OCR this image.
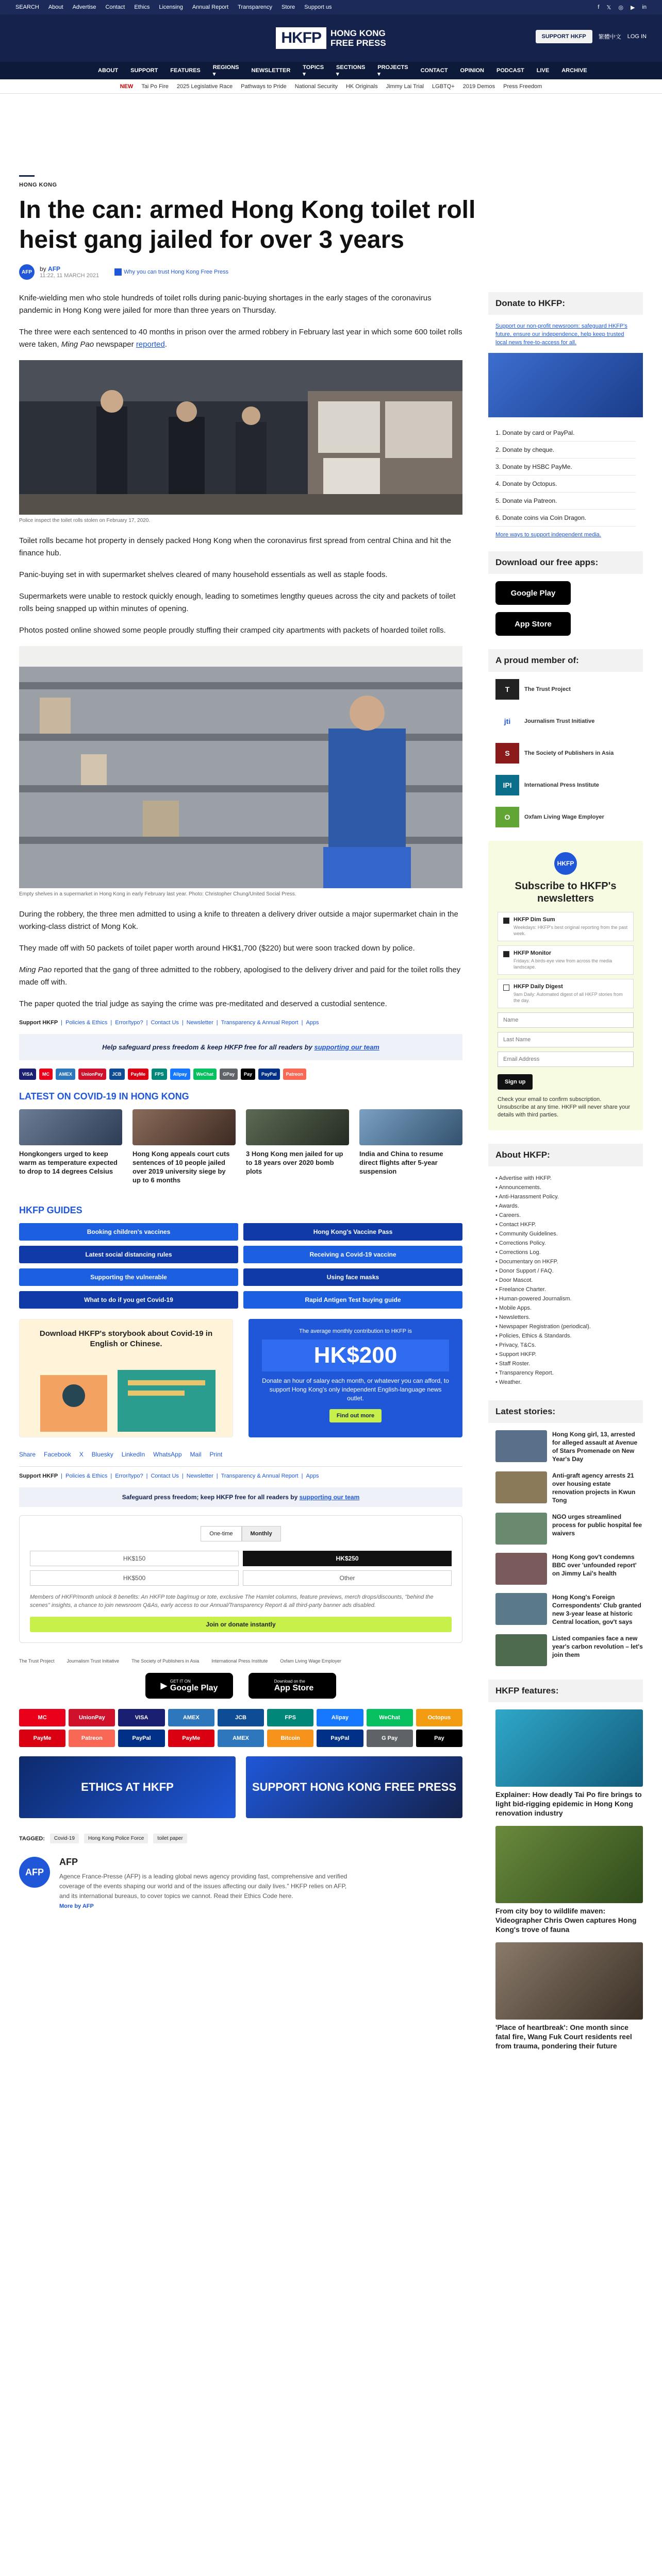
SEARCH About Advertise Contact Ethics Licensing Annual Report Transparency Store Support us	f 𝕏 ◎ ▶ in
HKFP	HONG KONG
FREE PRESS
SUPPORT HKFP	繁體中文 LOG IN
ABOUT SUPPORT FEATURES
REGIONS ▾
NEWSLETTER
TOPICS ▾
SECTIONS ▾
PROJECTS ▾
CONTACT OPINION PODCAST LIVE ARCHIVE
NEW Tai Po Fire 2025 Legislative Race Pathways to Pride National Security HK Originals Jimmy Lai Trial LGBTQ+ 2019 Demos Press Freedom
HONG KONG
In the can: armed Hong Kong toilet roll heist gang jailed for over 3 years
AFP	by AFP
11:22, 11 MARCH 2021
Why you can trust Hong Kong Free Press

Knife-wielding men who stole hundreds of toilet rolls during panic-buying shortages in the early stages of the coronavirus pandemic in Hong Kong were jailed for more than three years on Thursday.

The three were each sentenced to 40 months in prison over the armed robbery in February last year in which some 600 toilet rolls were taken, Ming Pao newspaper reported.

Police inspect the toilet rolls stolen on February 17, 2020.

Toilet rolls became hot property in densely packed Hong Kong when the coronavirus first spread from central China and hit the finance hub.

Panic-buying set in with supermarket shelves cleared of many household essentials as well as staple foods.

Supermarkets were unable to restock quickly enough, leading to sometimes lengthy queues across the city and packets of toilet rolls being snapped up within minutes of opening.

Photos posted online showed some people proudly stuffing their cramped city apartments with packets of hoarded toilet rolls.

Empty shelves in a supermarket in Hong Kong in early February last year. Photo: Christopher Chung/United Social Press.

During the robbery, the three men admitted to using a knife to threaten a delivery driver outside a major supermarket chain in the working-class district of Mong Kok.

They made off with 50 packets of toilet paper worth around HK$1,700 ($220) but were soon tracked down by police.

Ming Pao reported that the gang of three admitted to the robbery, apologised to the delivery driver and paid for the toilet rolls they made off with.

The paper quoted the trial judge as saying the crime was pre-meditated and deserved a custodial sentence.

Support HKFP | Policies & Ethics | Error/typo? | Contact Us | Newsletter | Transparency & Annual Report | Apps
Help safeguard press freedom & keep HKFP free for all readers by supporting our team
VISA	MC	AMEX	UnionPay	JCB	PayMe	FPS	Alipay	WeChat	GPay	Pay	PayPal	Patreon
LATEST ON COVID-19 IN HONG KONG
Hongkongers urged to keep warm as temperature expected to drop to 14 degrees Celsius
Hong Kong appeals court cuts sentences of 10 people jailed over 2019 university siege by up to 6 months
3 Hong Kong men jailed for up to 18 years over 2020 bomb plots
India and China to resume direct flights after 5-year suspension
HKFP GUIDES
Booking children's vaccines	Hong Kong's Vaccine Pass
Latest social distancing rules	Receiving a Covid-19 vaccine
Supporting the vulnerable	Using face masks
What to do if you get Covid-19	Rapid Antigen Test buying guide
Download HKFP's storybook about Covid-19 in English or Chinese.
The average monthly contribution to HKFP is
HK$200
Donate an hour of salary each month, or whatever you can afford, to support Hong Kong's only independent English-language news outlet.
Find out more
Share Facebook X Bluesky LinkedIn WhatsApp Mail Print
Support HKFP | Policies & Ethics | Error/typo? | Contact Us | Newsletter | Transparency & Annual Report | Apps
Safeguard press freedom; keep HKFP free for all readers by supporting our team
One-time	Monthly
HK$150	HK$250
HK$500	Other
Members of HKFP/month unlock 8 benefits: An HKFP tote bag/mug or tote, exclusive The Hamlet columns, feature previews, merch drops/discounts, "behind the scenes" insights, a chance to join newsroom Q&As, early access to our Annual/Transparency Report & all third-party banner ads disabled.
Join or donate instantly
The Trust Project	Journalism Trust Initiative	The Society of Publishers in Asia	International Press Institute	Oxfam Living Wage Employer
▶
GET IT ON
Google Play
Download on the
App Store
MC	UnionPay	VISA	AMEX	JCB	FPS	Alipay	WeChat	Octopus
PayMe	Patreon	PayPal	PayMe	AMEX	Bitcoin	PayPal	G Pay	Pay
ETHICS AT HKFP	SUPPORT HONG KONG FREE PRESS
TAGGED:	Covid-19	Hong Kong Police Force	toilet paper
AFP
AFP
Agence France-Presse (AFP) is a leading global news agency providing fast, comprehensive and verified coverage of the events shaping our world and of the issues affecting our daily lives." HKFP relies on AFP, and its international bureaus, to cover topics we cannot. Read their Ethics Code here.
More by AFP
Donate to HKFP:
Support our non-profit newsroom: safeguard HKFP's future, ensure our independence, help keep trusted local news free-to-access for all.
1. Donate by card or PayPal.
2. Donate by cheque.
3. Donate by HSBC PayMe.
4. Donate by Octopus.
5. Donate via Patreon.
6. Donate coins via Coin Dragon.
More ways to support independent media.
Download our free apps:
Google Play
App Store
A proud member of:
T	The Trust Project
jti	Journalism Trust Initiative
S	The Society of Publishers in Asia
IPI	International Press Institute
O	Oxfam Living Wage Employer
HKFP
Subscribe to HKFP's newsletters
HKFP Dim Sum
Weekdays: HKFP's best original reporting from the past week.
HKFP Monitor
Fridays: A birds-eye view from across the media landscape.
HKFP Daily Digest
9am Daily: Automated digest of all HKFP stories from the day.
Name
Last Name
Email Address Sign up
Check your email to confirm subscription. Unsubscribe at any time. HKFP will never share your details with third parties.
About HKFP:
• Advertise with HKFP.
• Announcements.
• Anti-Harassment Policy.
• Awards.
• Careers.
• Contact HKFP.
• Community Guidelines.
• Corrections Policy.
• Corrections Log.
• Documentary on HKFP.
• Donor Support / FAQ.
• Door Mascot.
• Freelance Charter.
• Human-powered Journalism.
• Mobile Apps.
• Newsletters.
• Newspaper Registration (periodical).
• Policies, Ethics & Standards.
• Privacy, T&Cs.
• Support HKFP.
• Staff Roster.
• Transparency Report.
• Weather.
Latest stories:
Hong Kong girl, 13, arrested for alleged assault at Avenue of Stars Promenade on New Year's Day
Anti-graft agency arrests 21 over housing estate renovation projects in Kwun Tong
NGO urges streamlined process for public hospital fee waivers
Hong Kong gov't condemns BBC over 'unfounded report' on Jimmy Lai's health
Hong Kong's Foreign Correspondents' Club granted new 3-year lease at historic Central location, gov't says
Listed companies face a new year's carbon revolution – let's join them
HKFP features:
Explainer: How deadly Tai Po fire brings to light bid-rigging epidemic in Hong Kong renovation industry
From city boy to wildlife maven: Videographer Chris Owen captures Hong Kong's trove of fauna
'Place of heartbreak': One month since fatal fire, Wang Fuk Court residents reel from trauma, pondering their future
